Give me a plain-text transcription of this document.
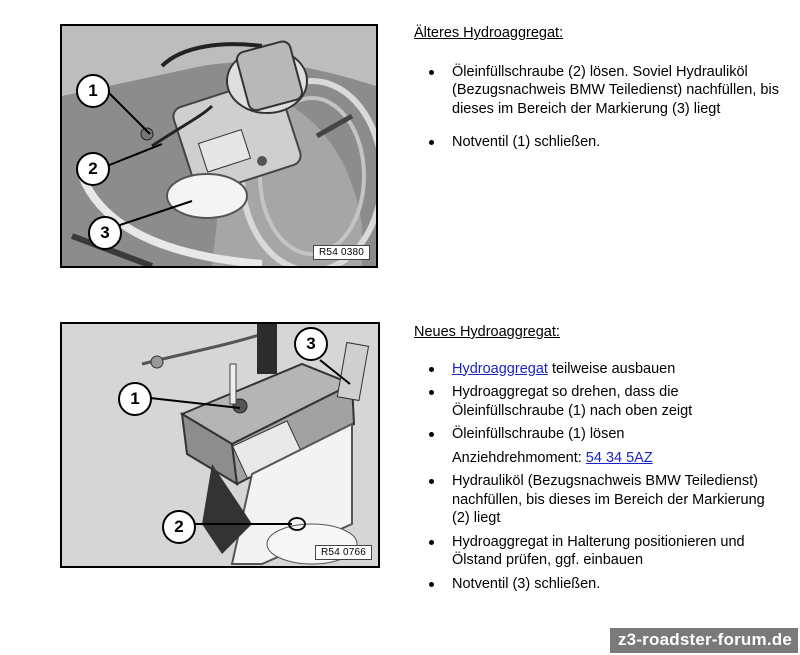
1
2
3
R54 0380
1
2
3
R54 0766
Älteres Hydroaggregat:
Öleinfüllschraube (2) lösen. Soviel Hydrauliköl (Bezugsnachweis BMW Teiledienst) nachfüllen, bis dieses im Bereich der Markierung (3) liegt
Notventil (1) schließen.
Neues Hydroaggregat:
Hydroaggregat teilweise ausbauen
Hydroaggregat so drehen, dass die Öleinfüllschraube (1) nach oben zeigt
Öleinfüllschraube (1) lösen
Anziehdrehmoment: 54 34 5AZ
Hydrauliköl (Bezugsnachweis BMW Teiledienst) nachfüllen, bis dieses im Bereich der Markierung (2) liegt
Hydroaggregat in Halterung positionieren und Ölstand prüfen, ggf. einbauen
Notventil (3) schließen.
z3-roadster-forum.de
